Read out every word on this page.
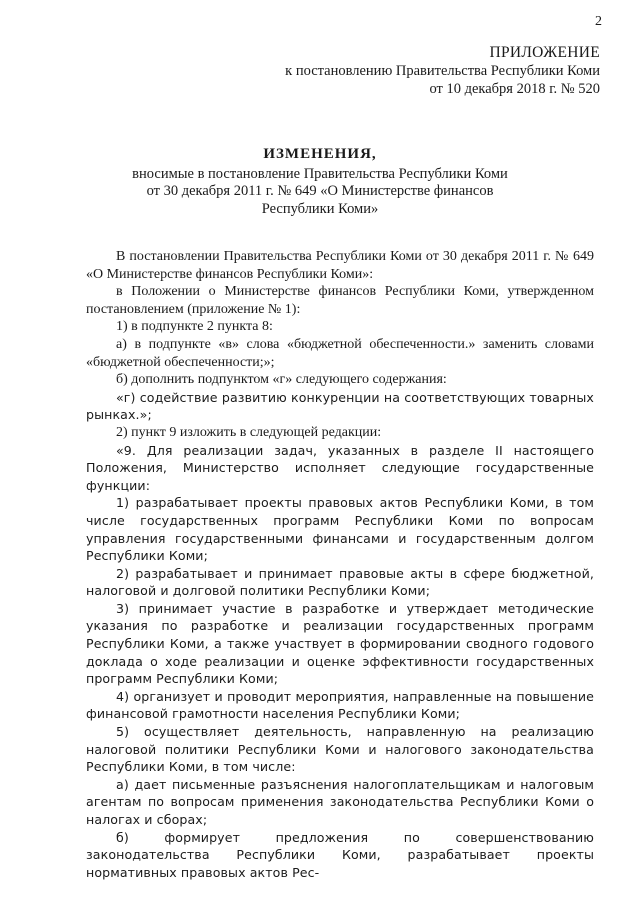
2
ПРИЛОЖЕНИЕ
к постановлению Правительства Республики Коми
от 10 декабря 2018 г. № 520
ИЗМЕНЕНИЯ,
вносимые в постановление Правительства Республики Коми
от 30 декабря 2011 г. № 649 «О Министерстве финансов
Республики Коми»

В постановлении Правительства Республики Коми от 30 декабря 2011 г. № 649 «О Министерстве финансов Республики Коми»:

в Положении о Министерстве финансов Республики Коми, утвержденном постановлением (приложение № 1):

1) в подпункте 2 пункта 8:

а) в подпункте «в» слова «бюджетной обеспеченности.» заменить словами «бюджетной обеспеченности;»;

б) дополнить подпунктом «г» следующего содержания:

«г) содействие развитию конкуренции на соответствующих товарных рынках.»;

2) пункт 9 изложить в следующей редакции:

«9. Для реализации задач, указанных в разделе II настоящего Положения, Министерство исполняет следующие государственные функции:

1) разрабатывает проекты правовых актов Республики Коми, в том числе государственных программ Республики Коми по вопросам управления государственными финансами и государственным долгом Республики Коми;

2) разрабатывает и принимает правовые акты в сфере бюджетной, налоговой и долговой политики Республики Коми;

3) принимает участие в разработке и утверждает методические указания по разработке и реализации государственных программ Республики Коми, а также участвует в формировании сводного годового доклада о ходе реализации и оценке эффективности государственных программ Республики Коми;

4) организует и проводит мероприятия, направленные на повышение финансовой грамотности населения Республики Коми;

5) осуществляет деятельность, направленную на реализацию налоговой политики Республики Коми и налогового законодательства Республики Коми, в том числе:

а) дает письменные разъяснения налогоплательщикам и налоговым агентам по вопросам применения законодательства Республики Коми о налогах и сборах;

б) формирует предложения по совершенствованию законодательства Республики Коми, разрабатывает проекты нормативных правовых актов Рес-
